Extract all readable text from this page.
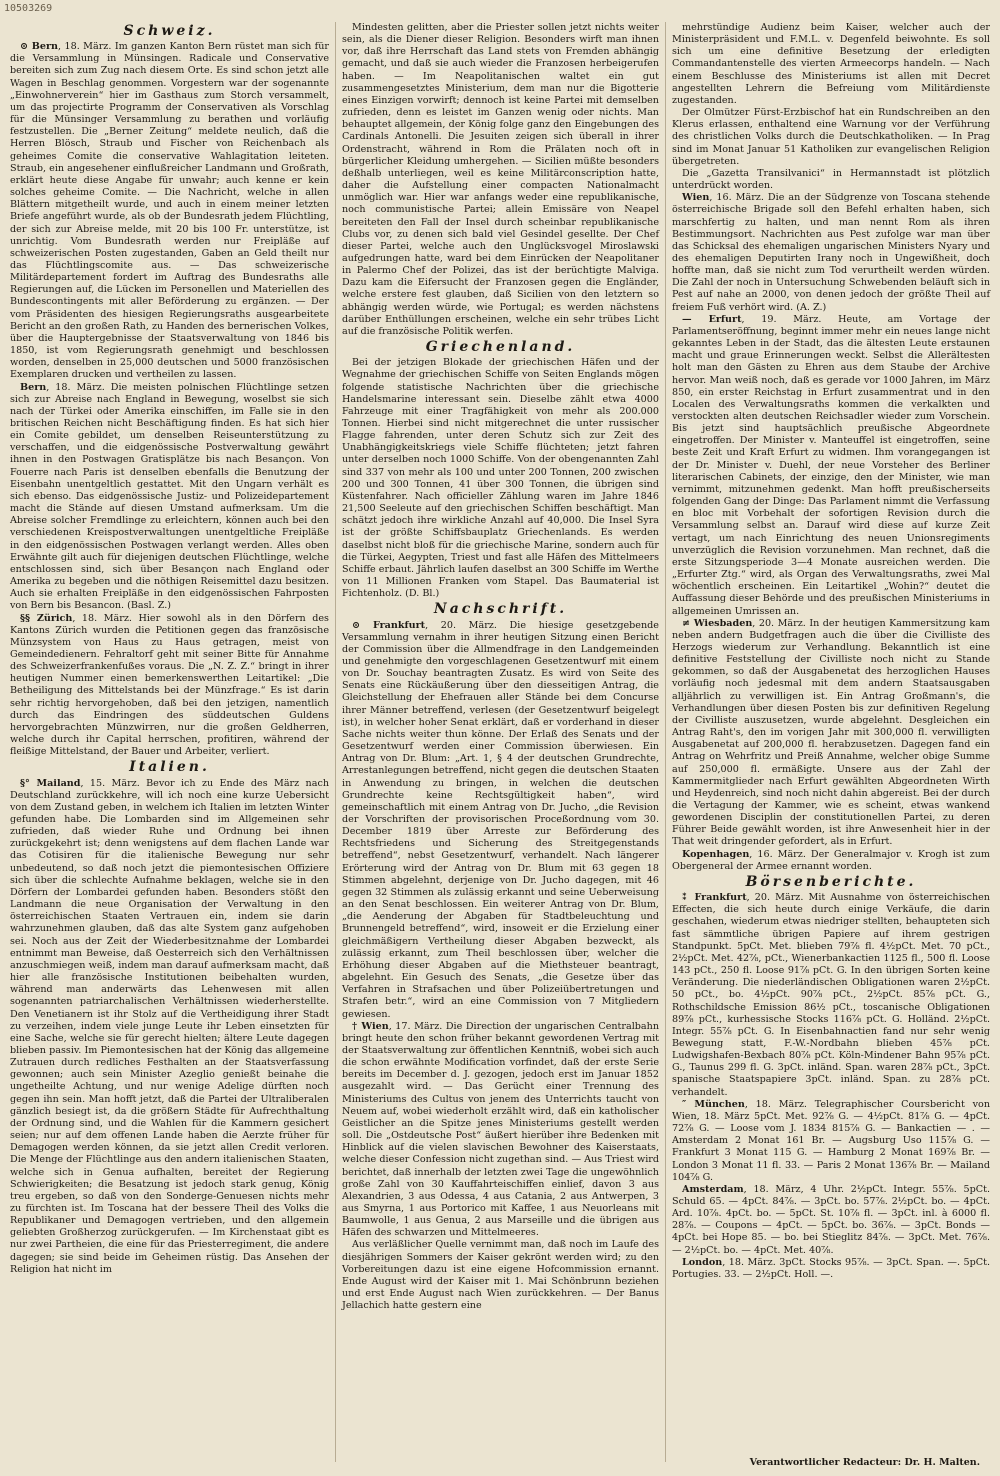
10503269
Schweiz.

⊙ Bern, 18. März. Im ganzen Kanton Bern rüstet man sich für die Versammlung in Münsingen. Radicale und Conservative bereiten sich zum Zug nach diesem Orte. Es sind schon jetzt alle Wagen in Beschlag genommen. Vorgestern war der sogenannte „Einwohnerverein“ hier im Gasthaus zum Storch versammelt, um das projectirte Programm der Conservativen als Vorschlag für die Münsinger Versammlung zu berathen und vorläufig festzustellen. Die „Berner Zeitung“ meldete neulich, daß die Herren Blösch, Straub und Fischer von Reichenbach als geheimes Comite die conservative Wahlagitation leiteten. Straub, ein angesehener einflußreicher Landmann und Großrath, erklärt heute diese Angabe für unwahr; auch kenne er kein solches geheime Comite. — Die Nachricht, welche in allen Blättern mitgetheilt wurde, und auch in einem meiner letzten Briefe angeführt wurde, als ob der Bundesrath jedem Flüchtling, der sich zur Abreise melde, mit 20 bis 100 Fr. unterstütze, ist unrichtig. Vom Bundesrath werden nur Freipläße auf schweizerischen Posten zugestanden, Gaben an Geld theilt nur das Flüchtlingscomite aus. — Das schweizerische Militärdepartement fordert im Auftrag des Bundesraths alle Regierungen auf, die Lücken im Personellen und Materiellen des Bundescontingents mit aller Beförderung zu ergänzen. — Der vom Präsidenten des hiesigen Regierungsraths ausgearbeitete Bericht an den großen Rath, zu Handen des bernerischen Volkes, über die Hauptergebnisse der Staatsverwaltung von 1846 bis 1850, ist vom Regierungsrath genehmigt und beschlossen worden, denselben in 25,000 deutschen und 5000 französischen Exemplaren drucken und vertheilen zu lassen.

Bern, 18. März. Die meisten polnischen Flüchtlinge setzen sich zur Abreise nach England in Bewegung, woselbst sie sich nach der Türkei oder Amerika einschiffen, im Falle sie in den britischen Reichen nicht Beschäftigung finden. Es hat sich hier ein Comite gebildet, um denselben Reiseunterstützung zu verschaffen, und die eidgenössische Postverwaltung gewährt ihnen in den Postwagen Gratisplätze bis nach Besançon. Von Fouerre nach Paris ist denselben ebenfalls die Benutzung der Eisenbahn unentgeltlich gestattet. Mit den Ungarn verhält es sich ebenso. Das eidgenössische Justiz- und Polizeidepartement macht die Stände auf diesen Umstand aufmerksam. Um die Abreise solcher Fremdlinge zu erleichtern, können auch bei den verschiedenen Kreispostverwaltungen unentgeltliche Freipläße in den eidgenössischen Postwagen verlangt werden. Alles oben Erwähnte gilt auch für diejenigen deutschen Flüchtlinge, welche entschlossen sind, sich über Besançon nach England oder Amerika zu begeben und die nöthigen Reisemittel dazu besitzen. Auch sie erhalten Freipläße in den eidgenössischen Fahrposten von Bern bis Besancon. (Basl. Z.)

§§ Zürich, 18. März. Hier sowohl als in den Dörfern des Kantons Zürich wurden die Petitionen gegen das französische Münzsystem von Haus zu Haus getragen, meist von Gemeindedienern. Fehraltorf geht mit seiner Bitte für Annahme des Schweizerfrankenfußes voraus. Die „N. Z. Z.“ bringt in ihrer heutigen Nummer einen bemerkenswerthen Leitartikel: „Die Betheiligung des Mittelstands bei der Münzfrage.“ Es ist darin sehr richtig hervorgehoben, daß bei den jetzigen, namentlich durch das Eindringen des süddeutschen Guldens hervorgebrachten Münzwirren, nur die großen Geldherren, welche durch ihr Capital herrschen, profitiren, während der fleißige Mittelstand, der Bauer und Arbeiter, verliert.

Italien.

§° Mailand, 15. März. Bevor ich zu Ende des März nach Deutschland zurückkehre, will ich noch eine kurze Uebersicht von dem Zustand geben, in welchem ich Italien im letzten Winter gefunden habe. Die Lombarden sind im Allgemeinen sehr zufrieden, daß wieder Ruhe und Ordnung bei ihnen zurückgekehrt ist; denn wenigstens auf dem flachen Lande war das Cotisiren für die italienische Bewegung nur sehr unbedeutend, so daß noch jetzt die piemontesischen Offiziere sich über die schlechte Aufnahme beklagen, welche sie in den Dörfern der Lombardei gefunden haben. Besonders stößt den Landmann die neue Organisation der Verwaltung in den österreichischen Staaten Vertrauen ein, indem sie darin wahrzunehmen glauben, daß das alte System ganz aufgehoben sei. Noch aus der Zeit der Wiederbesitznahme der Lombardei entnimmt man Beweise, daß Oesterreich sich den Verhältnissen anzuschmiegen weiß, indem man darauf aufmerksam macht, daß hier alle französische Institutionen beibehalten wurden, während man anderwärts das Lehenwesen mit allen sogenannten patriarchalischen Verhältnissen wiederherstellte. Den Venetianern ist ihr Stolz auf die Vertheidigung ihrer Stadt zu verzeihen, indem viele junge Leute ihr Leben einsetzten für eine Sache, welche sie für gerecht hielten; ältere Leute dagegen blieben passiv. Im Piemontesischen hat der König das allgemeine Zutrauen durch redliches Festhalten an der Staatsverfassung gewonnen; auch sein Minister Azeglio genießt beinahe die ungetheilte Achtung, und nur wenige Adelige dürften noch gegen ihn sein. Man hofft jetzt, daß die Partei der Ultraliberalen gänzlich besiegt ist, da die größern Städte für Aufrechthaltung der Ordnung sind, und die Wahlen für die Kammern gesichert seien; nur auf dem offenen Lande haben die Aerzte früher für Demagogen werden können, da sie jetzt allen Credit verloren. Die Menge der Flüchtlinge aus den andern italienischen Staaten, welche sich in Genua aufhalten, bereitet der Regierung Schwierigkeiten; die Besatzung ist jedoch stark genug, König treu ergeben, so daß von den Sonderge-Genuesen nichts mehr zu fürchten ist. Im Toscana hat der bessere Theil des Volks die Republikaner und Demagogen vertrieben, und den allgemein geliebten Großherzog zurückgerufen. — Im Kirchenstaat gibt es nur zwei Partheien, die eine für das Priesterregiment, die andere dagegen; sie sind beide im Geheimen rüstig. Das Ansehen der Religion hat nicht im

Mindesten gelitten, aber die Priester sollen jetzt nichts weiter sein, als die Diener dieser Religion. Besonders wirft man ihnen vor, daß ihre Herrschaft das Land stets von Fremden abhängig gemacht, und daß sie auch wieder die Franzosen herbeigerufen haben. — Im Neapolitanischen waltet ein gut zusammengesetztes Ministerium, dem man nur die Bigotterie eines Einzigen vorwirft; dennoch ist keine Partei mit demselben zufrieden, denn es leistet im Ganzen wenig oder nichts. Man behauptet allgemein, der König folge ganz den Eingebungen des Cardinals Antonelli. Die Jesuiten zeigen sich überall in ihrer Ordenstracht, während in Rom die Prälaten noch oft in bürgerlicher Kleidung umhergehen. — Sicilien müßte besonders deßhalb unterliegen, weil es keine Militärconscription hatte, daher die Aufstellung einer compacten Nationalmacht unmöglich war. Hier war anfangs weder eine republikanische, noch communistische Partei; allein Emissäre von Neapel bereiteten den Fall der Insel durch scheinbar republikanische Clubs vor, zu denen sich bald viel Gesindel gesellte. Der Chef dieser Partei, welche auch den Unglücksvogel Miroslawski aufgedrungen hatte, ward bei dem Einrücken der Neapolitaner in Palermo Chef der Polizei, das ist der berüchtigte Malviga. Dazu kam die Eifersucht der Franzosen gegen die Engländer, welche erstere fest glauben, daß Sicilien von den letztern so abhängig werden würde, wie Portugal; es werden nächstens darüber Enthüllungen erscheinen, welche ein sehr trübes Licht auf die französische Politik werfen.

Griechenland.

Bei der jetzigen Blokade der griechischen Häfen und der Wegnahme der griechischen Schiffe von Seiten Englands mögen folgende statistische Nachrichten über die griechische Handelsmarine interessant sein. Dieselbe zählt etwa 4000 Fahrzeuge mit einer Tragfähigkeit von mehr als 200.000 Tonnen. Hierbei sind nicht mitgerechnet die unter russischer Flagge fahrenden, unter deren Schutz sich zur Zeit des Unabhängigkeitskriegs viele Schiffe flüchteten; jetzt fahren unter derselben noch 1000 Schiffe. Von der obengenannten Zahl sind 337 von mehr als 100 und unter 200 Tonnen, 200 zwischen 200 und 300 Tonnen, 41 über 300 Tonnen, die übrigen sind Küstenfahrer. Nach officieller Zählung waren im Jahre 1846 21,500 Seeleute auf den griechischen Schiffen beschäftigt. Man schätzt jedoch ihre wirkliche Anzahl auf 40,000. Die Insel Syra ist der größte Schiffsbauplatz Griechenlands. Es werden daselbst nicht bloß für die griechische Marine, sondern auch für die Türkei, Aegypten, Triest und fast alle Häfen des Mittelmeers Schiffe erbaut. Jährlich laufen daselbst an 300 Schiffe im Werthe von 11 Millionen Franken vom Stapel. Das Baumaterial ist Fichtenholz. (D. Bl.)

Nachschrift.

⊙ Frankfurt, 20. März. Die hiesige gesetzgebende Versammlung vernahm in ihrer heutigen Sitzung einen Bericht der Commission über die Allmendfrage in den Landgemeinden und genehmigte den vorgeschlagenen Gesetzentwurf mit einem von Dr. Souchay beantragten Zusatz. Es wird von Seite des Senats eine Rückäußerung über den diesseitigen Antrag, die Gleichstellung der Ehefrauen aller Stände bei dem Concurse ihrer Männer betreffend, verlesen (der Gesetzentwurf beigelegt ist), in welcher hoher Senat erklärt, daß er vorderhand in dieser Sache nichts weiter thun könne. Der Erlaß des Senats und der Gesetzentwurf werden einer Commission überwiesen. Ein Antrag von Dr. Blum: „Art. 1, § 4 der deutschen Grundrechte, Arrestanlegungen betreffend, nicht gegen die deutschen Staaten in Anwendung zu bringen, in welchen die deutschen Grundrechte keine Rechtsgültigkeit haben“, wird gemeinschaftlich mit einem Antrag von Dr. Jucho, „die Revision der Vorschriften der provisorischen Proceßordnung vom 30. December 1819 über Arreste zur Beförderung des Rechtsfriedens und Sicherung des Streitgegenstands betreffend“, nebst Gesetzentwurf, verhandelt. Nach längerer Erörterung wird der Antrag von Dr. Blum mit 63 gegen 18 Stimmen abgelehnt, derjenige von Dr. Jucho dagegen, mit 46 gegen 32 Stimmen als zulässig erkannt und seine Ueberweisung an den Senat beschlossen. Ein weiterer Antrag von Dr. Blum, „die Aenderung der Abgaben für Stadtbeleuchtung und Brunnengeld betreffend“, wird, insoweit er die Erzielung einer gleichmäßigern Vertheilung dieser Abgaben bezweckt, als zulässig erkannt, zum Theil beschlossen über, welcher die Erhöhung dieser Abgaben auf die Miethsteuer beantragt, abgelehnt. Ein Gesuch des Senats, „die Gesetze über das Verfahren in Strafsachen und über Polizeiübertretungen und Strafen betr.“, wird an eine Commission von 7 Mitgliedern gewiesen.

† Wien, 17. März. Die Direction der ungarischen Centralbahn bringt heute den schon früher bekannt gewordenen Vertrag mit der Staatsverwaltung zur öffentlichen Kenntniß, wobei sich auch die schon erwähnte Modification vorfindet, daß der erste Serie bereits im December d. J. gezogen, jedoch erst im Januar 1852 ausgezahlt wird. — Das Gerücht einer Trennung des Ministeriums des Cultus von jenem des Unterrichts taucht von Neuem auf, wobei wiederholt erzählt wird, daß ein katholischer Geistlicher an die Spitze jenes Ministeriums gestellt werden soll. Die „Ostdeutsche Post“ äußert hierüber ihre Bedenken mit Hinblick auf die vielen slavischen Bewohner des Kaiserstaats, welche dieser Confession nicht zugethan sind. — Aus Triest wird berichtet, daß innerhalb der letzten zwei Tage die ungewöhnlich große Zahl von 30 Kauffahrteischiffen einlief, davon 3 aus Alexandrien, 3 aus Odessa, 4 aus Catania, 2 aus Antwerpen, 3 aus Smyrna, 1 aus Portorico mit Kaffee, 1 aus Neuorleans mit Baumwolle, 1 aus Genua, 2 aus Marseille und die übrigen aus Häfen des schwarzen und Mittelmeeres.

Aus verläßlicher Quelle vernimmt man, daß noch im Laufe des diesjährigen Sommers der Kaiser gekrönt werden wird; zu den Vorbereitungen dazu ist eine eigene Hofcommission ernannt. Ende August wird der Kaiser mit 1. Mai Schönbrunn beziehen und erst Ende August nach Wien zurückkehren. — Der Banus Jellachich hatte gestern eine

mehrstündige Audienz beim Kaiser, welcher auch der Ministerpräsident und F.M.L. v. Degenfeld beiwohnte. Es soll sich um eine definitive Besetzung der erledigten Commandantenstelle des vierten Armeecorps handeln. — Nach einem Beschlusse des Ministeriums ist allen mit Decret angestellten Lehrern die Befreiung vom Militärdienste zugestanden.

Der Olmützer Fürst-Erzbischof hat ein Rundschreiben an den Klerus erlassen, enthaltend eine Warnung vor der Verführung des christlichen Volks durch die Deutschkatholiken. — In Prag sind im Monat Januar 51 Katholiken zur evangelischen Religion übergetreten.

Die „Gazetta Transilvanici“ in Hermannstadt ist plötzlich unterdrückt worden.

Wien, 16. März. Die an der Südgrenze von Toscana stehende österreichische Brigade soll den Befehl erhalten haben, sich marschfertig zu halten, und man nennt Rom als ihren Bestimmungsort. Nachrichten aus Pest zufolge war man über das Schicksal des ehemaligen ungarischen Ministers Nyary und des ehemaligen Deputirten Irany noch in Ungewißheit, doch hoffte man, daß sie nicht zum Tod verurtheilt werden würden. Die Zahl der noch in Untersuchung Schwebenden beläuft sich in Pest auf nahe an 2000, von denen jedoch der größte Theil auf freiem Fuß verhört wird. (A. Z.)

— Erfurt, 19. März. Heute, am Vortage der Parlamentseröffnung, beginnt immer mehr ein neues lange nicht gekanntes Leben in der Stadt, das die ältesten Leute erstaunen macht und graue Erinnerungen weckt. Selbst die Allerältesten holt man den Gästen zu Ehren aus dem Staube der Archive hervor. Man weiß noch, daß es gerade vor 1000 Jahren, im März 850, ein erster Reichstag in Erfurt zusammentrat und in den Localen des Verwaltungsraths kommen die verkalkten und verstockten alten deutschen Reichsadler wieder zum Vorschein. Bis jetzt sind hauptsächlich preußische Abgeordnete eingetroffen. Der Minister v. Manteuffel ist eingetroffen, seine beste Zeit und Kraft Erfurt zu widmen. Ihm vorangegangen ist der Dr. Minister v. Duehl, der neue Vorsteher des Berliner literarischen Cabinets, der einzige, den der Minister, wie man vernimmt, mitzunehmen gedenkt. Man hofft preußischerseits folgenden Gang der Dinge: Das Parlament nimmt die Verfassung en bloc mit Vorbehalt der sofortigen Revision durch die Versammlung selbst an. Darauf wird diese auf kurze Zeit vertagt, um nach Einrichtung des neuen Unionsregiments unverzüglich die Revision vorzunehmen. Man rechnet, daß die erste Sitzungsperiode 3—4 Monate ausreichen werden. Die „Erfurter Ztg.“ wird, als Organ des Verwaltungsraths, zwei Mal wöchentlich erscheinen. Ein Leitartikel „Wohin?“ deutet die Auffassung dieser Behörde und des preußischen Ministeriums in allgemeinen Umrissen an.

≠ Wiesbaden, 20. März. In der heutigen Kammersitzung kam neben andern Budgetfragen auch die über die Civilliste des Herzogs wiederum zur Verhandlung. Bekanntlich ist eine definitive Feststellung der Civilliste noch nicht zu Stande gekommen, so daß der Ausgabenetat des herzoglichen Hauses vorläufig noch jedesmal mit dem andern Staatsausgaben alljährlich zu verwilligen ist. Ein Antrag Großmann's, die Verhandlungen über diesen Posten bis zur definitiven Regelung der Civilliste auszusetzen, wurde abgelehnt. Desgleichen ein Antrag Raht's, den im vorigen Jahr mit 300,000 fl. verwilligten Ausgabenetat auf 200,000 fl. herabzusetzen. Dagegen fand ein Antrag on Wehrfritz und Preiß Annahme, welcher obige Summe auf 250,000 fl. ermäßigte. Unsere aus der Zahl der Kammermitglieder nach Erfurt gewählten Abgeordneten Wirth und Heydenreich, sind noch nicht dahin abgereist. Bei der durch die Vertagung der Kammer, wie es scheint, etwas wankend gewordenen Disciplin der constitutionellen Partei, zu deren Führer Beide gewählt worden, ist ihre Anwesenheit hier in der That weit dringender gefordert, als in Erfurt.

Kopenhagen, 16. März. Der Generalmajor v. Krogh ist zum Obergeneral der Armee ernannt worden.

Börsenberichte.

⁑ Frankfurt, 20. März. Mit Ausnahme von österreichischen Effecten, die sich heute durch einige Verkäufe, die darin geschahen, wiederum etwas niedriger stellten, behaupteten sich fast sämmtliche übrigen Papiere auf ihrem gestrigen Standpunkt. 5pCt. Met. blieben 79⅞ fl. 4½pCt. Met. 70 pCt., 2½pCt. Met. 42⅞, pCt., Wienerbankactien 1125 fl., 500 fl. Loose 143 pCt., 250 fl. Loose 91⅞ pCt. G. In den übrigen Sorten keine Veränderung. Die niederländischen Obligationen waren 2½pCt. 50 pCt., bo. 4½pCt. 90⅞ pCt., 2½pCt. 85⅞ pCt. G., Rothschildsche Emission 86½ pCt., toscanische Obligationen 89⅞ pCt., kurhessische Stocks 116⅞ pCt. G. Holländ. 2½pCt. Integr. 55⅞ pCt. G. In Eisenbahnactien fand nur sehr wenig Bewegung statt, F.-W.-Nordbahn blieben 45⅞ pCt. Ludwigshafen-Bexbach 80⅞ pCt. Köln-Mindener Bahn 95⅞ pCt. G., Taunus 299 fl. G. 3pCt. inländ. Span. waren 28⅞ pCt., 3pCt. spanische Staatspapiere 3pCt. inländ. Span. zu 28⅞ pCt. verhandelt.

″ München, 18. März. Telegraphischer Coursbericht von Wien, 18. März 5pCt. Met. 92⅞ G. — 4½pCt. 81⅞ G. — 4pCt. 72⅞ G. — Loose vom J. 1834 815⅞ G. — Bankactien — . — Amsterdam 2 Monat 161 Br. — Augsburg Uso 115⅞ G. — Frankfurt 3 Monat 115 G. — Hamburg 2 Monat 169⅞ Br. — London 3 Monat 11 fl. 33. — Paris 2 Monat 136⅞ Br. — Mailand 104⅞ G.

Amsterdam, 18. März, 4 Uhr. 2½pCt. Integr. 55⅞. 5pCt. Schuld 65. — 4pCt. 84⅞. — 3pCt. bo. 57⅞. 2½pCt. bo. — 4pCt. Ard. 10⅞. 4pCt. bo. — 5pCt. St. 10⅞ fl. — 3pCt. inl. à 6000 fl. 28⅞. — Coupons — 4pCt. — 5pCt. bo. 36⅞. — 3pCt. Bonds — 4pCt. bei Hope 85. — bo. bei Stieglitz 84⅞. — 3pCt. Met. 76⅞. — 2½pCt. bo. — 4pCt. Met. 40⅞.

London, 18. März. 3pCt. Stocks 95⅞. — 3pCt. Span. —. 5pCt. Portugies. 33. — 2½pCt. Holl. —.

Verantwortlicher Redacteur: Dr. H. Malten.
